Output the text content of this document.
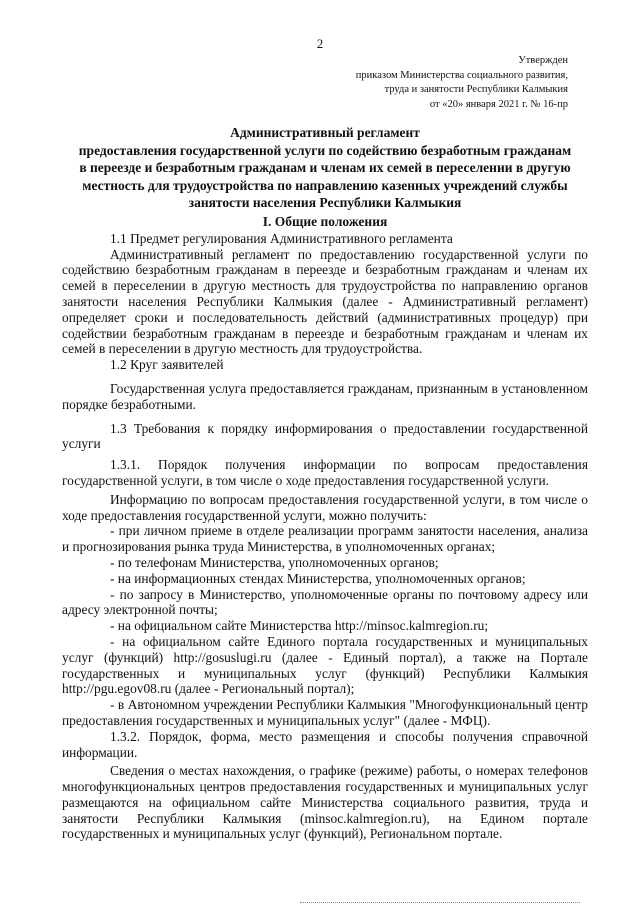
2
Утвержден
приказом Министерства социального развития,
труда и занятости Республики Калмыкия
от «20» января 2021 г. № 16-пр
Административный регламент
предоставления государственной услуги по содействию безработным гражданам
в переезде и безработным гражданам и членам их семей в переселении в другую
местность для трудоустройства по направлению казенных учреждений службы
занятости населения Республики Калмыкия
I. Общие положения

1.1 Предмет регулирования Административного регламента

Административный регламент по предоставлению государственной услуги по содействию безработным гражданам в переезде и безработным гражданам и членам их семей в переселении в другую местность для трудоустройства по направлению органов занятости населения Республики Калмыкия (далее - Административный регламент) определяет сроки и последовательность действий (административных процедур) при содействии безработным гражданам в переезде и безработным гражданам и членам их семей в переселении в другую местность для трудоустройства.

1.2 Круг заявителей

Государственная услуга предоставляется гражданам, признанным в установленном порядке безработными.

1.3 Требования к порядку информирования о предоставлении государственной услуги

1.3.1. Порядок получения информации по вопросам предоставления государственной услуги, в том числе о ходе предоставления государственной услуги.

Информацию по вопросам предоставления государственной услуги, в том числе о ходе предоставления государственной услуги, можно получить:

- при личном приеме в отделе реализации программ занятости населения, анализа и прогнозирования рынка труда Министерства, в уполномоченных органах;

- по телефонам Министерства, уполномоченных органов;

- на информационных стендах Министерства, уполномоченных органов;

- по запросу в Министерство, уполномоченные органы по почтовому адресу или адресу электронной почты;

- на официальном сайте Министерства http://minsoc.kalmregion.ru;

- на официальном сайте Единого портала государственных и муниципальных услуг (функций) http://gosuslugi.ru (далее - Единый портал), а также на Портале государственных и муниципальных услуг (функций) Республики Калмыкия http://pgu.egov08.ru (далее - Региональный портал);

- в Автономном учреждении Республики Калмыкия "Многофункциональный центр предоставления государственных и муниципальных услуг" (далее - МФЦ).

1.3.2. Порядок, форма, место размещения и способы получения справочной информации.

Сведения о местах нахождения, о графике (режиме) работы, о номерах телефонов многофункциональных центров предоставления государственных и муниципальных услуг размещаются на официальном сайте Министерства социального развития, труда и занятости Республики Калмыкия (minsoc.kalmregion.ru), на Едином портале государственных и муниципальных услуг (функций), Региональном портале.
